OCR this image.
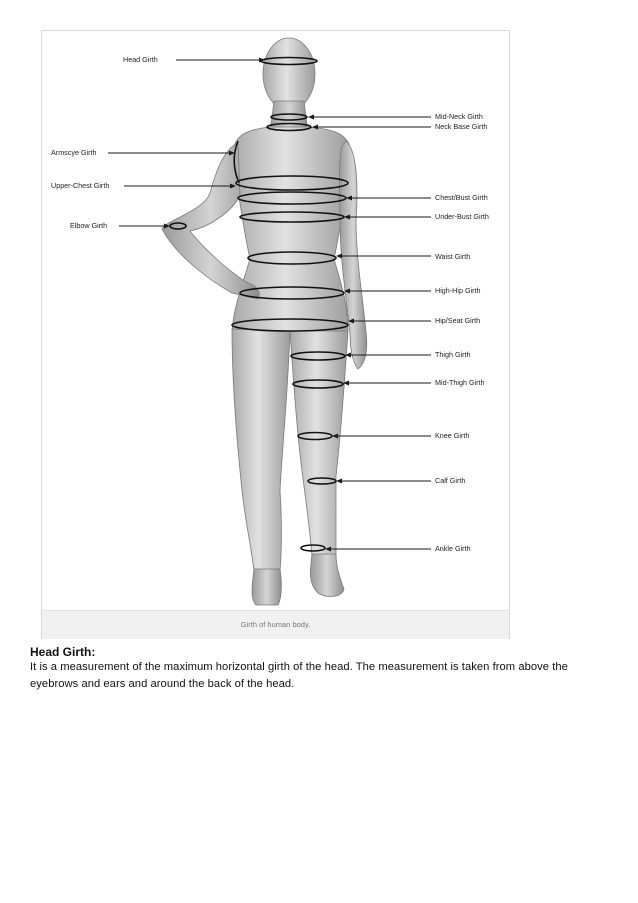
Head Girth
Mid-Neck Girth
Neck Base Girth
Armscye Girth
Upper-Chest Girth
Chest/Bust Girth
Elbow Girth
Under-Bust Girth
Waist Girth
High-Hip Girth
Hip/Seat Girth
Thigh Girth
Mid-Thigh Girth
Knee Girth
Calf Girth
Ankle Girth
Girth of human body.
Head Girth:
It is a measurement of the maximum horizontal girth of the head. The measurement is taken from above the eyebrows and ears and around the back of the head.
